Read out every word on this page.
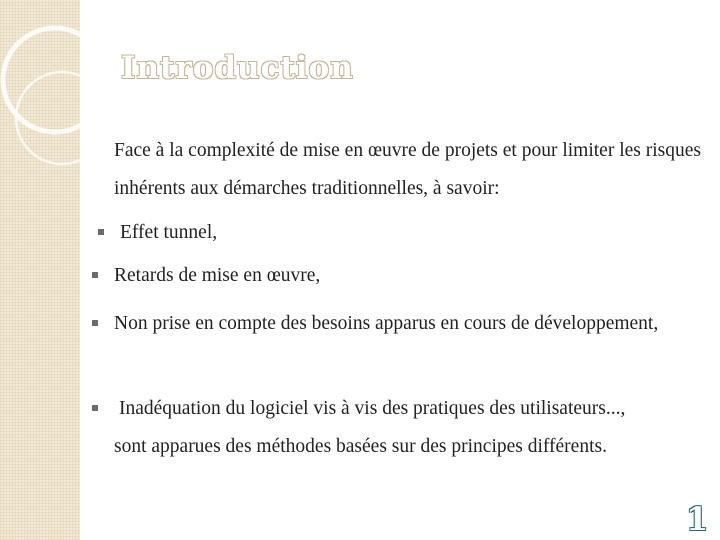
Introduction

Face à la complexité de mise en œuvre de projets et pour limiter les risques inhérents aux démarches traditionnelles, à savoir:

Effet tunnel,
Retards de mise en œuvre,
Non prise en compte des besoins apparus en cours de développement,
Inadéquation du logiciel vis à vis des pratiques des utilisateurs...,

sont apparues des méthodes basées sur des principes différents.

1
